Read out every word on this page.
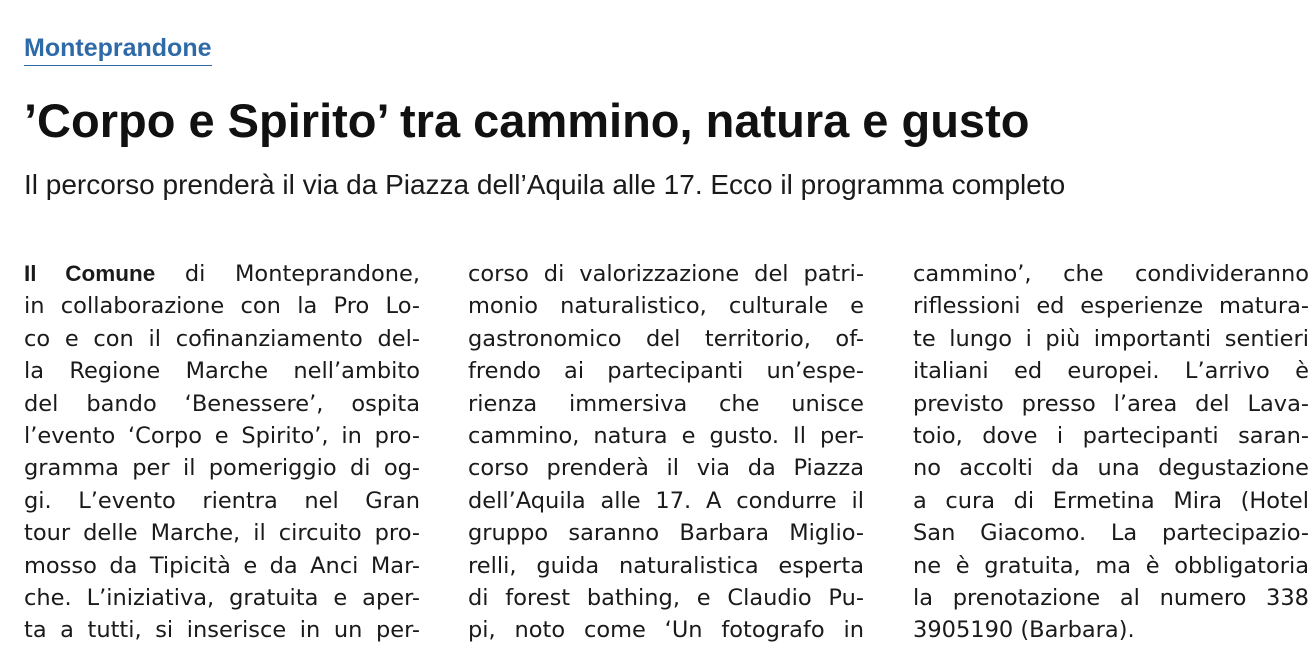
Monteprandone
’Corpo e Spirito’ tra cammino, natura e gusto

Il percorso prenderà il via da Piazza dell’Aquila alle 17. Ecco il programma completo

Il Comune di Monteprandone,
in collaborazione con la Pro Lo-
co e con il cofinanziamento del-
la Regione Marche nell’ambito
del bando ‘Benessere’, ospita
l’evento ‘Corpo e Spirito’, in pro-
gramma per il pomeriggio di og-
gi. L’evento rientra nel Gran
tour delle Marche, il circuito pro-
mosso da Tipicità e da Anci Mar-
che. L’iniziativa, gratuita e aper-
ta a tutti, si inserisce in un per-
corso di valorizzazione del patri-
monio naturalistico, culturale e
gastronomico del territorio, of-
frendo ai partecipanti un’espe-
rienza immersiva che unisce
cammino, natura e gusto. Il per-
corso prenderà il via da Piazza
dell’Aquila alle 17. A condurre il
gruppo saranno Barbara Miglio-
relli, guida naturalistica esperta
di forest bathing, e Claudio Pu-
pi, noto come ‘Un fotografo in
cammino’, che condivideranno
riflessioni ed esperienze matura-
te lungo i più importanti sentieri
italiani ed europei. L’arrivo è
previsto presso l’area del Lava-
toio, dove i partecipanti saran-
no accolti da una degustazione
a cura di Ermetina Mira (Hotel
San Giacomo. La partecipazio-
ne è gratuita, ma è obbligatoria
la prenotazione al numero 338
3905190 (Barbara).
